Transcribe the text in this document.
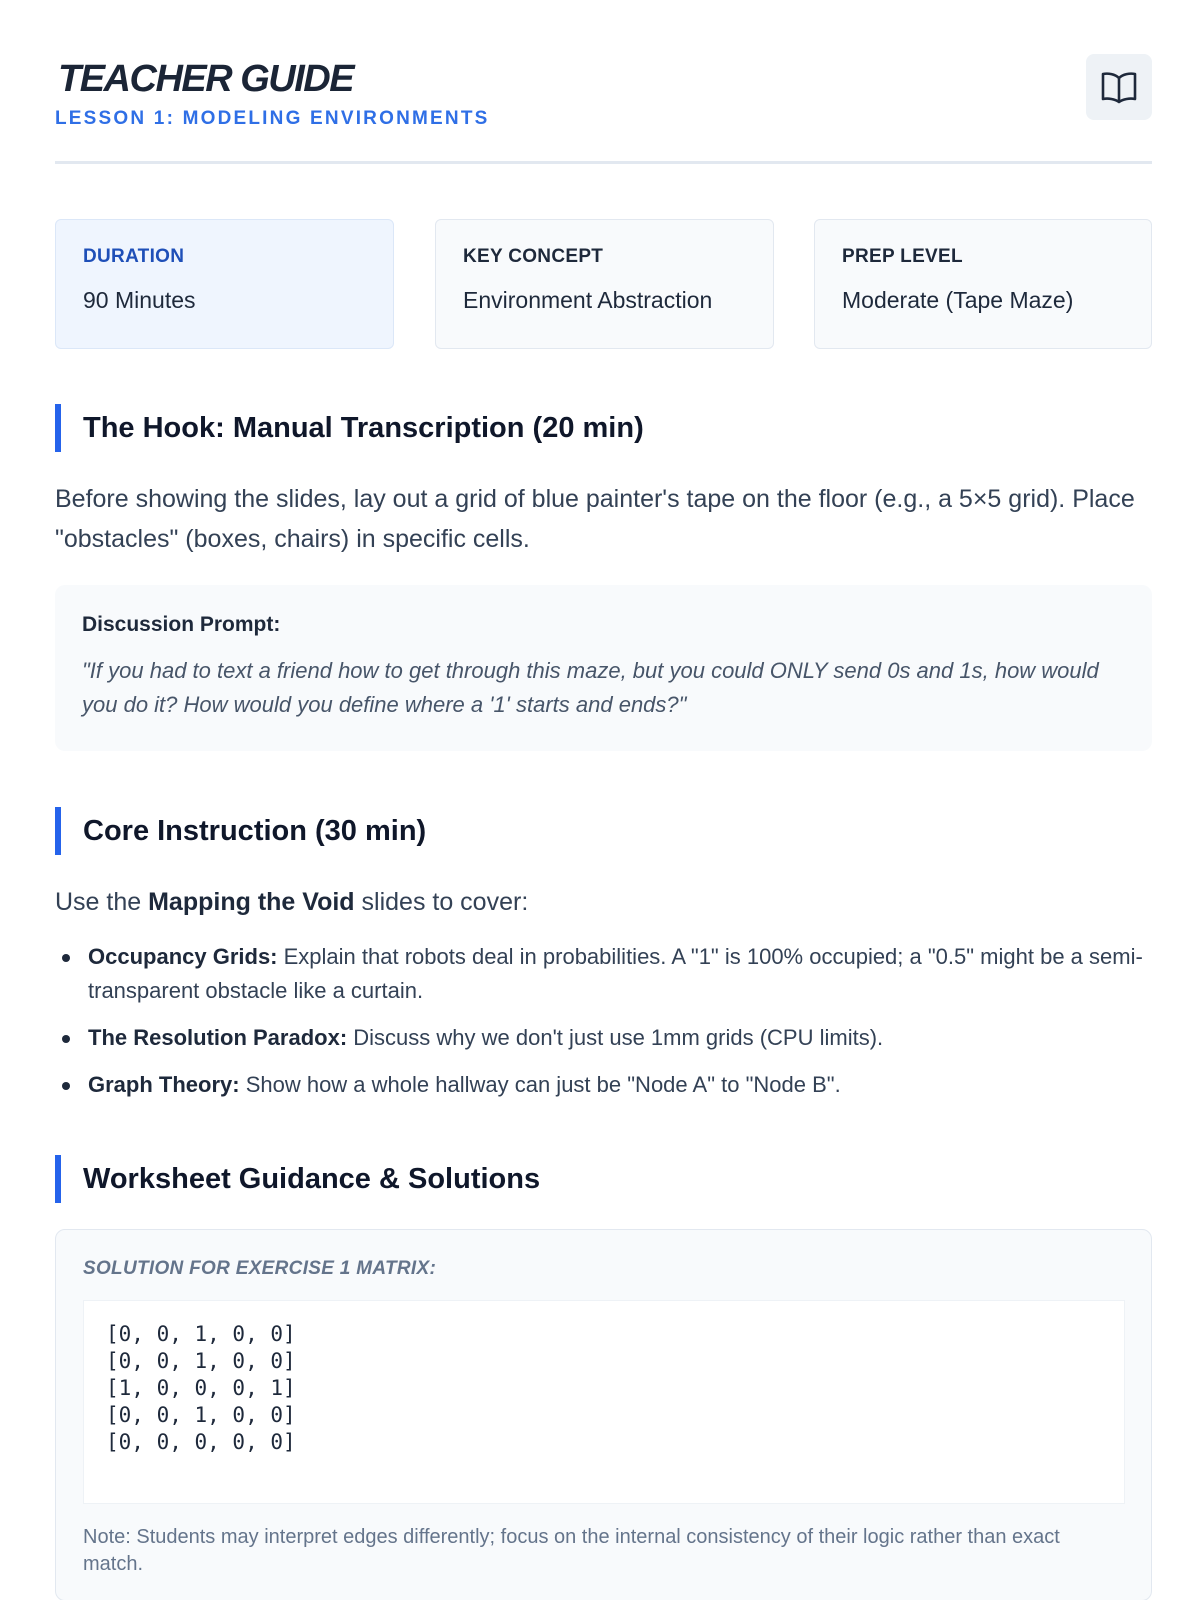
TEACHER GUIDE
LESSON 1: MODELING ENVIRONMENTS
DURATION
90 Minutes
KEY CONCEPT
Environment Abstraction
PREP LEVEL
Moderate (Tape Maze)
The Hook: Manual Transcription (20 min)
Before showing the slides, lay out a grid of blue painter's tape on the floor (e.g., a 5×5 grid). Place "obstacles" (boxes, chairs) in specific cells.
Discussion Prompt:
"If you had to text a friend how to get through this maze, but you could ONLY send 0s and 1s, how would you do it? How would you define where a '1' starts and ends?"
Core Instruction (30 min)
Use the Mapping the Void slides to cover:
Occupancy Grids: Explain that robots deal in probabilities. A "1" is 100% occupied; a "0.5" might be a semi-transparent obstacle like a curtain.
The Resolution Paradox: Discuss why we don't just use 1mm grids (CPU limits).
Graph Theory: Show how a whole hallway can just be "Node A" to "Node B".
Worksheet Guidance & Solutions
SOLUTION FOR EXERCISE 1 MATRIX:
[0, 0, 1, 0, 0]
[0, 0, 1, 0, 0]
[1, 0, 0, 0, 1]
[0, 0, 1, 0, 0]
[0, 0, 0, 0, 0]
Note: Students may interpret edges differently; focus on the internal consistency of their logic rather than exact match.
